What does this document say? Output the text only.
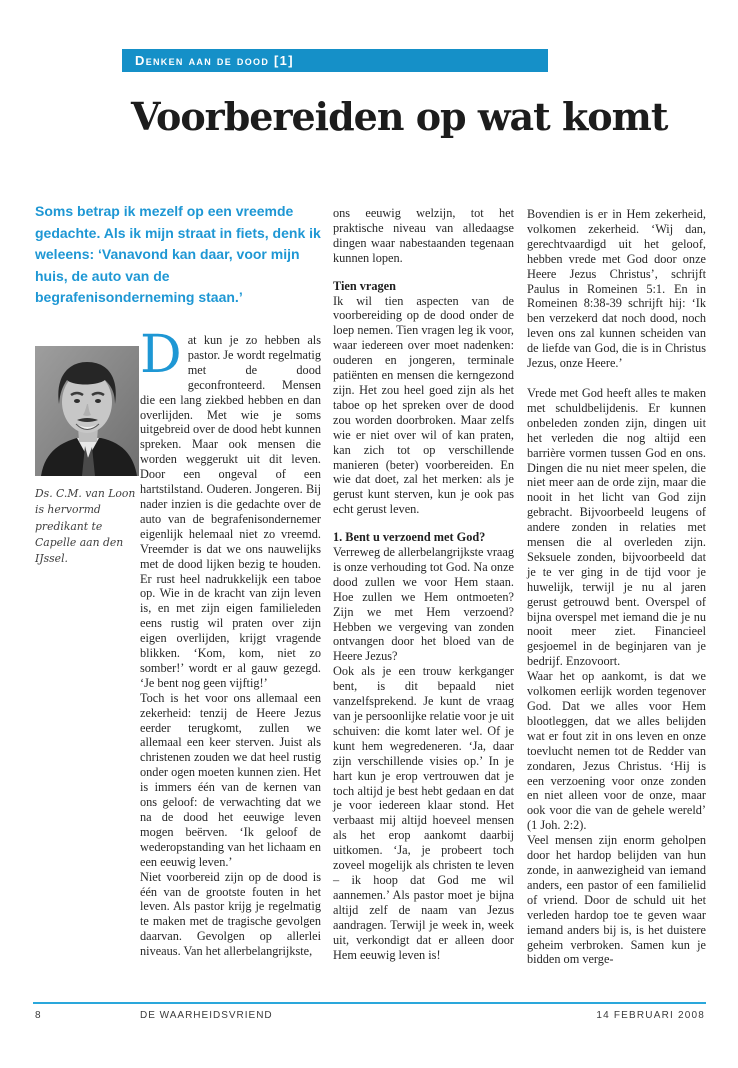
Denken aan de dood [1]
Voorbereiden op wat komt
Soms betrap ik mezelf op een vreemde gedachte. Als ik mijn straat in fiets, denk ik weleens: ‘Vanavond kan daar, voor mijn huis, de auto van de begrafenisonderneming staan.’
Ds. C.M. van Loon is hervormd predikant te Capelle aan den IJssel.

Dat kun je zo hebben als pastor. Je wordt regelmatig met de dood geconfronteerd. Mensen die een lang ziekbed hebben en dan overlijden. Met wie je soms uitgebreid over de dood hebt kunnen spreken. Maar ook mensen die worden weggerukt uit dit leven. Door een ongeval of een hartstilstand. Ouderen. Jongeren. Bij nader inzien is die gedachte over de auto van de begrafenisondernemer eigenlijk helemaal niet zo vreemd. Vreemder is dat we ons nauwelijks met de dood lijken bezig te houden. Er rust heel nadrukkelijk een taboe op. Wie in de kracht van zijn leven is, en met zijn eigen familieleden eens rustig wil praten over zijn eigen overlijden, krijgt vragende blikken. ‘Kom, kom, niet zo somber!’ wordt er al gauw gezegd. ‘Je bent nog geen vijftig!’

Toch is het voor ons allemaal een zekerheid: tenzij de Heere Jezus eerder terugkomt, zullen we allemaal een keer sterven. Juist als christenen zouden we dat heel rustig onder ogen moeten kunnen zien. Het is immers één van de kernen van ons geloof: de verwachting dat we na de dood het eeuwige leven mogen beërven. ‘Ik geloof de wederopstanding van het lichaam en een eeuwig leven.’

Niet voorbereid zijn op de dood is één van de grootste fouten in het leven. Als pastor krijg je regelmatig te maken met de tragische gevolgen daarvan. Gevolgen op allerlei niveaus. Van het allerbelangrijkste,

ons eeuwig welzijn, tot het praktische niveau van alledaagse dingen waar nabestaanden tegenaan kunnen lopen.

Tien vragen

Ik wil tien aspecten van de voorbereiding op de dood onder de loep nemen. Tien vragen leg ik voor, waar iedereen over moet nadenken: ouderen en jongeren, terminale patiënten en mensen die kerngezond zijn. Het zou heel goed zijn als het taboe op het spreken over de dood zou worden doorbroken. Maar zelfs wie er niet over wil of kan praten, kan zich tot op verschillende manieren (beter) voorbereiden. En wie dat doet, zal het merken: als je gerust kunt sterven, kun je ook pas echt gerust leven.

1. Bent u verzoend met God?

Verreweg de allerbelangrijkste vraag is onze verhouding tot God. Na onze dood zullen we voor Hem staan. Hoe zullen we Hem ontmoeten? Zijn we met Hem verzoend? Hebben we vergeving van zonden ontvangen door het bloed van de Heere Jezus?

Ook als je een trouw kerkganger bent, is dit bepaald niet vanzelfsprekend. Je kunt de vraag van je persoonlijke relatie voor je uit schuiven: die komt later wel. Of je kunt hem wegredeneren. ‘Ja, daar zijn verschillende visies op.’ In je hart kun je erop vertrouwen dat je toch altijd je best hebt gedaan en dat je voor iedereen klaar stond. Het verbaast mij altijd hoeveel mensen als het erop aankomt daarbij uitkomen. ‘Ja, je probeert toch zoveel mogelijk als christen te leven – ik hoop dat God me wil aannemen.’ Als pastor moet je bijna altijd zelf de naam van Jezus aandragen. Terwijl je week in, week uit, verkondigt dat er alleen door Hem eeuwig leven is!

Bovendien is er in Hem zekerheid, volkomen zekerheid. ‘Wij dan, gerechtvaardigd uit het geloof, hebben vrede met God door onze Heere Jezus Christus’, schrijft Paulus in Romeinen 5:1. En in Romeinen 8:38-39 schrijft hij: ‘Ik ben verzekerd dat noch dood, noch leven ons zal kunnen scheiden van de liefde van God, die is in Christus Jezus, onze Heere.’

Vrede met God heeft alles te maken met schuldbelijdenis. Er kunnen onbeleden zonden zijn, dingen uit het verleden die nog altijd een barrière vormen tussen God en ons. Dingen die nu niet meer spelen, die niet meer aan de orde zijn, maar die nooit in het licht van God zijn gebracht. Bijvoorbeeld leugens of andere zonden in relaties met mensen die al overleden zijn. Seksuele zonden, bijvoorbeeld dat je te ver ging in de tijd voor je huwelijk, terwijl je nu al jaren gerust getrouwd bent. Overspel of bijna overspel met iemand die je nu nooit meer ziet. Financieel gesjoemel in de beginjaren van je bedrijf. Enzovoort.

Waar het op aankomt, is dat we volkomen eerlijk worden tegenover God. Dat we alles voor Hem blootleggen, dat we alles belijden wat er fout zit in ons leven en onze toevlucht nemen tot de Redder van zondaren, Jezus Christus. ‘Hij is een verzoening voor onze zonden en niet alleen voor de onze, maar ook voor die van de gehele wereld’ (1 Joh. 2:2).

Veel mensen zijn enorm geholpen door het hardop belijden van hun zonde, in aanwezigheid van iemand anders, een pastor of een familielid of vriend. Door de schuld uit het verleden hardop toe te geven waar iemand anders bij is, is het duistere geheim verbroken. Samen kun je bidden om verge-

8	DE WAARHEIDSVRIEND	14 FEBRUARI 2008
